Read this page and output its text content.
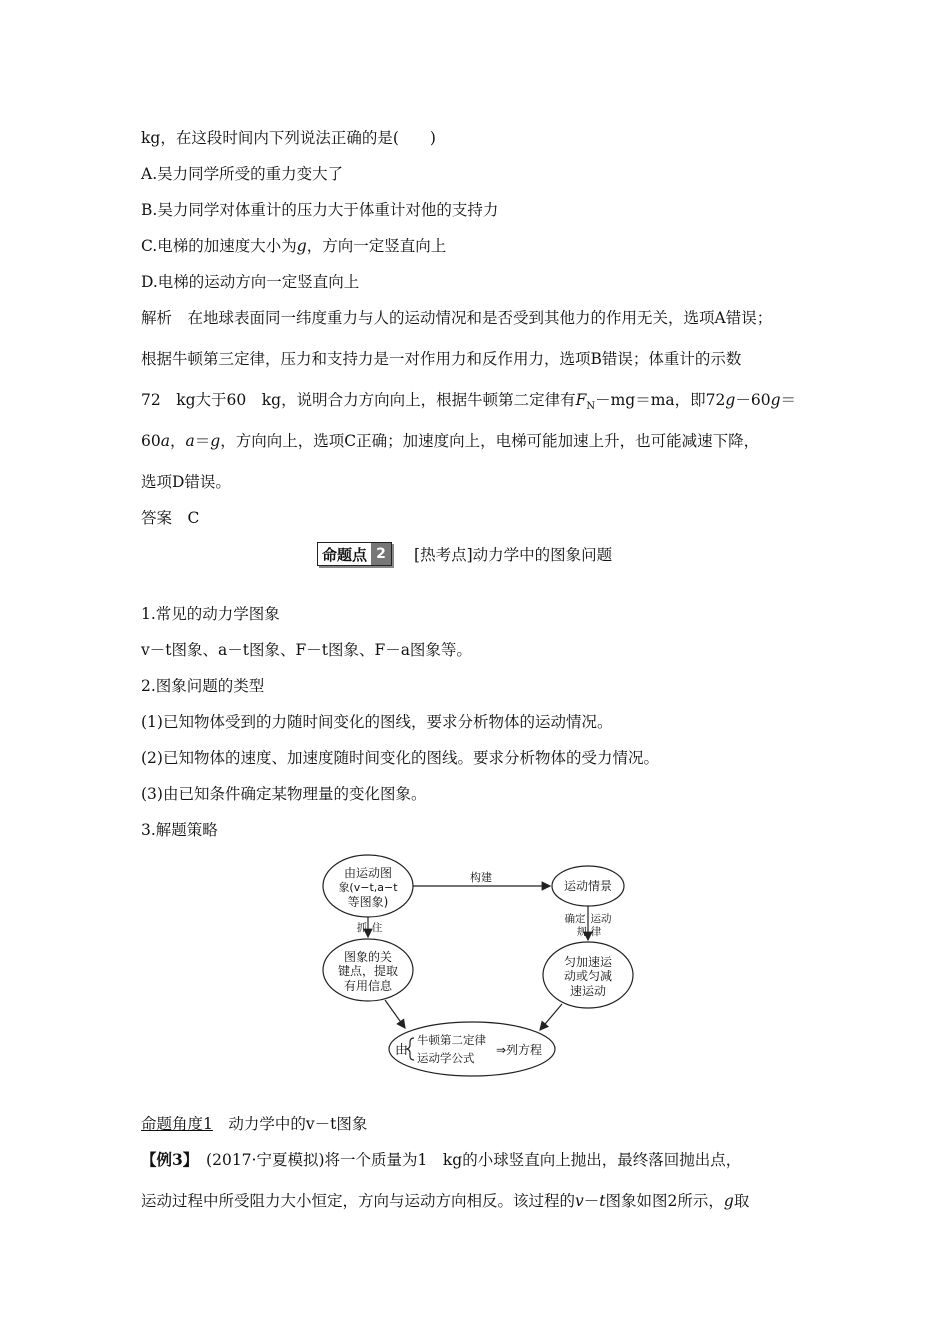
kg，在这段时间内下列说法正确的是(　　)
A.吴力同学所受的重力变大了
B.吴力同学对体重计的压力大于体重计对他的支持力
C.电梯的加速度大小为g，方向一定竖直向上
D.电梯的运动方向一定竖直向上
解析　在地球表面同一纬度重力与人的运动情况和是否受到其他力的作用无关，选项A错误；
根据牛顿第三定律，压力和支持力是一对作用力和反作用力，选项B错误；体重计的示数
72　kg大于60　kg，说明合力方向向上，根据牛顿第二定律有$F_N-mg=ma$，即72g－60g＝
60a，a＝g，方向向上，选项C正确；加速度向上，电梯可能加速上升，也可能减速下降，
选项D错误。
答案　C
命题点 2	[热考点]动力学中的图象问题
1.常见的动力学图象
v－t图象、a－t图象、F－t图象、F－a图象等。
2.图象问题的类型
(1)已知物体受到的力随时间变化的图线，要求分析物体的运动情况。
(2)已知物体的速度、加速度随时间变化的图线。要求分析物体的受力情况。
(3)由已知条件确定某物理量的变化图象。
3.解题策略
由运动图
象(v−t,a−t
等图象)
构建
运动情景
确定 运动
规 律
抓 住
图象的关
键点，提取
有用信息
匀加速运
动或匀减
速运动
由
牛顿第二定律
运动学公式
⇒列方程
命题角度1　动力学中的v－t图象
【例3】　(2017·宁夏模拟)将一个质量为1　kg的小球竖直向上抛出，最终落回抛出点，
运动过程中所受阻力大小恒定，方向与运动方向相反。该过程的v－t图象如图2所示，g取
